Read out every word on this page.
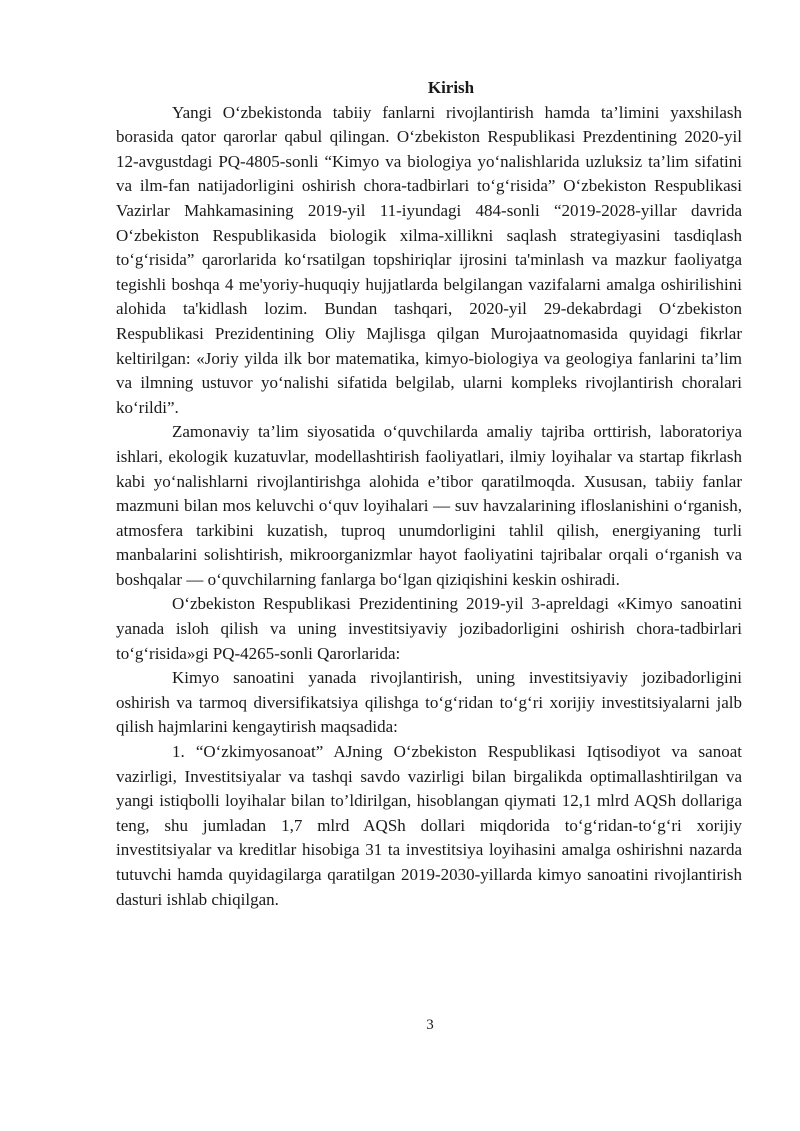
Kirish

Yangi O‘zbekistonda tabiiy fanlarni rivojlantirish hamda ta’limini yaxshilash borasida qator qarorlar qabul qilingan. O‘zbekiston Respublikasi Prezdentining 2020-yil 12-avgustdagi PQ-4805-sonli “Kimyo va biologiya yo‘nalishlarida uzluksiz ta’lim sifatini va ilm-fan natijadorligini oshirish chora-tadbirlari to‘g‘risida” O‘zbekiston Respublikasi Vazirlar Mahkamasining 2019-yil 11-iyundagi 484-sonli “2019-2028-yillar davrida O‘zbekiston Respublikasida biologik xilma-xillikni saqlash strategiyasini tasdiqlash to‘g‘risida” qarorlarida ko‘rsatilgan topshiriqlar ijrosini ta'minlash va mazkur faoliyatga tegishli boshqa 4 me'yoriy-huquqiy hujjatlarda belgilangan vazifalarni amalga oshirilishini alohida ta'kidlash lozim. Bundan tashqari, 2020-yil 29-dekabrdagi O‘zbekiston Respublikasi Prezidentining Oliy Majlisga qilgan Murojaatnomasida quyidagi fikrlar keltirilgan: «Joriy yilda ilk bor matematika, kimyo-biologiya va geologiya fanlarini ta’lim va ilmning ustuvor yo‘nalishi sifatida belgilab, ularni kompleks rivojlantirish choralari ko‘rildi”.

Zamonaviy ta’lim siyosatida o‘quvchilarda amaliy tajriba orttirish, laboratoriya ishlari, ekologik kuzatuvlar, modellashtirish faoliyatlari, ilmiy loyihalar va startap fikrlash kabi yo‘nalishlarni rivojlantirishga alohida e’tibor qaratilmoqda. Xususan, tabiiy fanlar mazmuni bilan mos keluvchi o‘quv loyihalari — suv havzalarining ifloslanishini o‘rganish, atmosfera tarkibini kuzatish, tuproq unumdorligini tahlil qilish, energiyaning turli manbalarini solishtirish, mikroorganizmlar hayot faoliyatini tajribalar orqali o‘rganish va boshqalar — o‘quvchilarning fanlarga bo‘lgan qiziqishini keskin oshiradi.

O‘zbekiston Respublikasi Prezidentining 2019-yil 3-apreldagi «Kimyo sanoatini yanada isloh qilish va uning investitsiyaviy jozibadorligini oshirish chora-tadbirlari to‘g‘risida»gi PQ-4265-sonli Qarorlarida:

Kimyo sanoatini yanada rivojlantirish, uning investitsiyaviy jozibadorligini oshirish va tarmoq diversifikatsiya qilishga to‘g‘ridan to‘g‘ri xorijiy investitsiyalarni jalb qilish hajmlarini kengaytirish maqsadida:

1. “O‘zkimyosanoat” AJning O‘zbekiston Respublikasi Iqtisodiyot va sanoat vazirligi, Investitsiyalar va tashqi savdo vazirligi bilan birgalikda optimallashtirilgan va yangi istiqbolli loyihalar bilan to’ldirilgan, hisoblangan qiymati 12,1 mlrd AQSh dollariga teng, shu jumladan 1,7 mlrd AQSh dollari miqdorida to‘g‘ridan-to‘g‘ri xorijiy investitsiyalar va kreditlar hisobiga 31 ta investitsiya loyihasini amalga oshirishni nazarda tutuvchi hamda quyidagilarga qaratilgan 2019-2030-yillarda kimyo sanoatini rivojlantirish dasturi ishlab chiqilgan.

3
